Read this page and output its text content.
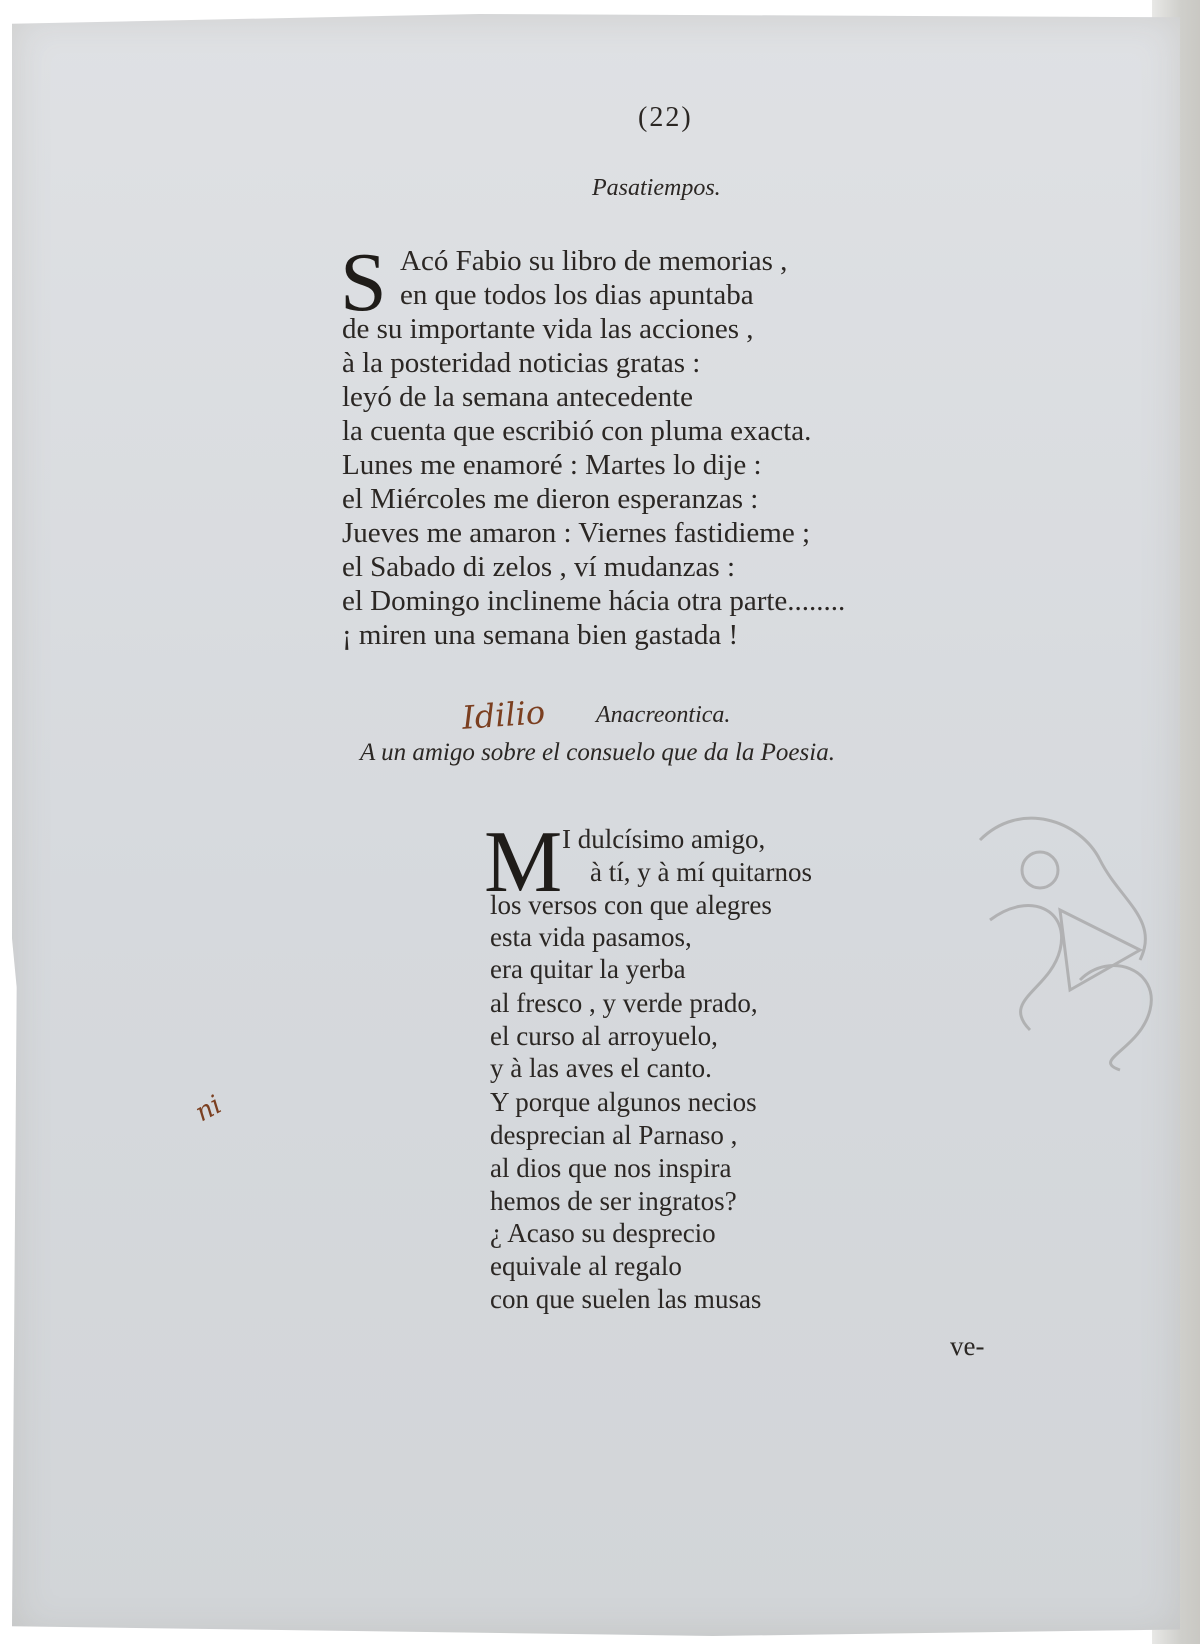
(22)
Pasatiempos.
S Acó Fabio su libro de memorias ,
en que todos los dias apuntaba
de su importante vida las acciones ,
à la posteridad noticias gratas :
leyó de la semana antecedente
la cuenta que escribió con pluma exacta.
Lunes me enamoré : Martes lo dije :
el Miércoles me dieron esperanzas :
Jueves me amaron : Viernes fastidieme ;
el Sabado di zelos , ví mudanzas :
el Domingo inclineme hácia otra parte........
¡ miren una semana bien gastada !
Idilio Anacreontica.
A un amigo sobre el consuelo que da la Poesia.
M I dulcísimo amigo,
à tí, y à mí quitarnos
los versos con que alegres
esta vida pasamos,
era quitar la yerba
al fresco , y verde prado,
el curso al arroyuelo,
y à las aves el canto.
Y porque algunos necios
desprecian al Parnaso ,
al dios que nos inspira
hemos de ser ingratos?
¿ Acaso su desprecio
equivale al regalo
con que suelen las musas
ni
ve-
